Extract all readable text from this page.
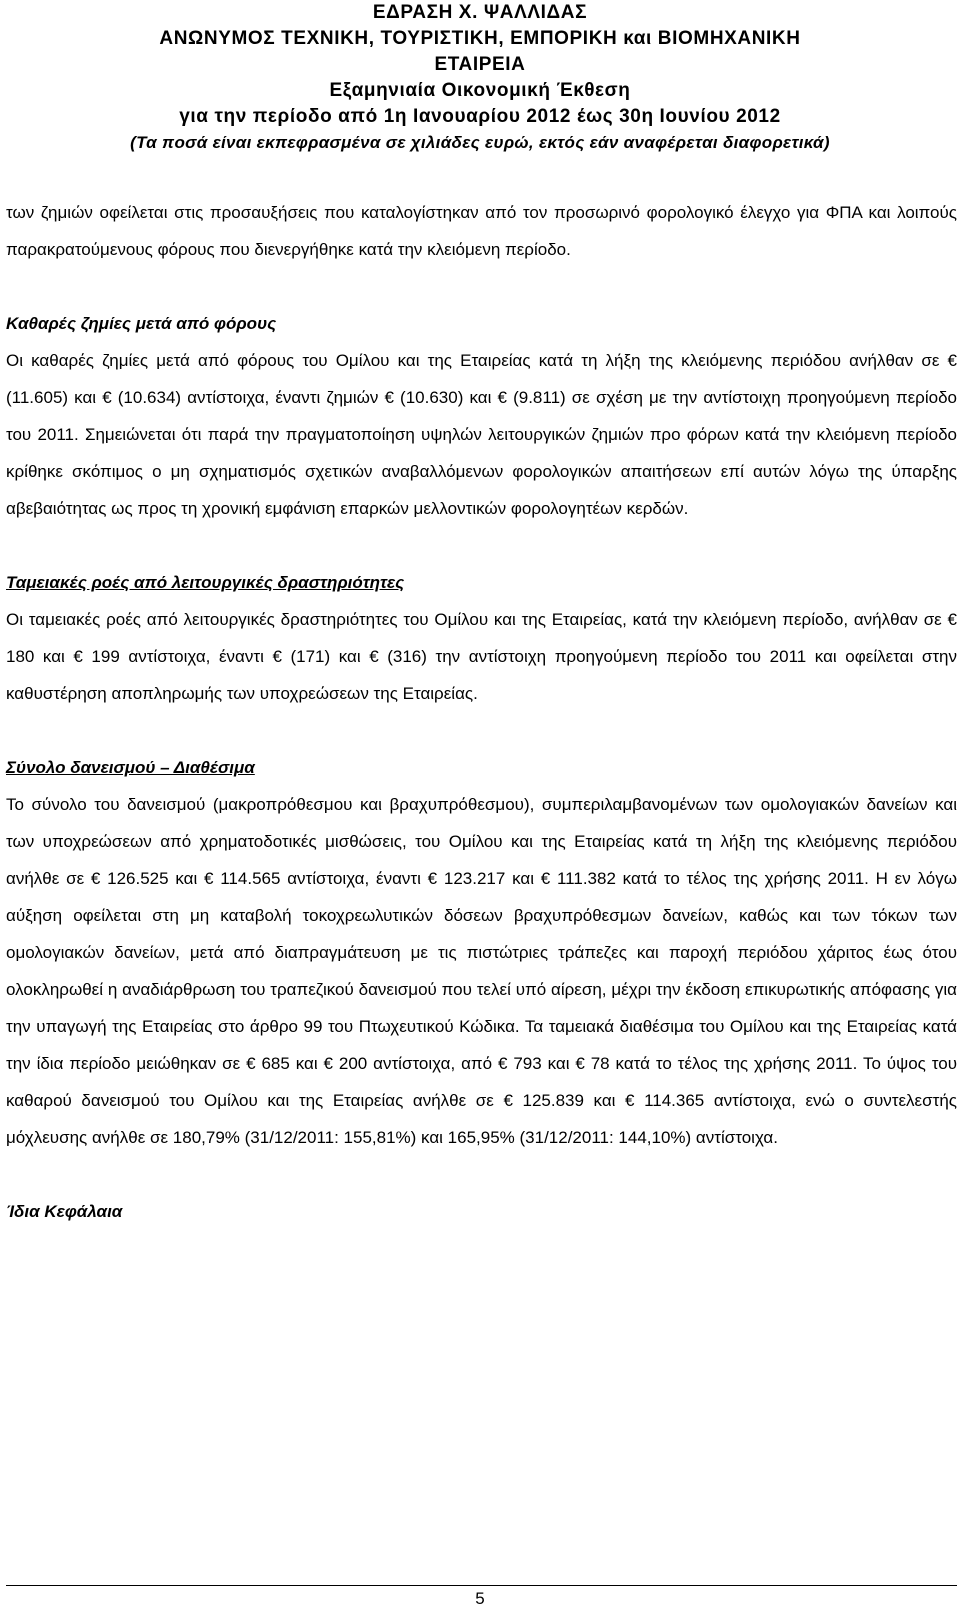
ΕΔΡΑΣΗ Χ. ΨΑΛΛΙΔΑΣ
ΑΝΩΝΥΜΟΣ ΤΕΧΝΙΚΗ, ΤΟΥΡΙΣΤΙΚΗ, ΕΜΠΟΡΙΚΗ και ΒΙΟΜΗΧΑΝΙΚΗ
ΕΤΑΙΡΕΙΑ
Εξαμηνιαία Οικονομική Έκθεση
για την περίοδο από 1η Ιανουαρίου 2012 έως 30η Ιουνίου 2012
(Τα ποσά είναι εκπεφρασμένα σε χιλιάδες ευρώ, εκτός εάν αναφέρεται διαφορετικά)

των ζημιών οφείλεται στις προσαυξήσεις που καταλογίστηκαν από τον προσωρινό φορολογικό έλεγχο για ΦΠΑ και λοιπούς παρακρατούμενους φόρους που διενεργήθηκε κατά την κλειόμενη περίοδο.

Καθαρές ζημίες μετά από φόρους

Οι καθαρές ζημίες μετά από φόρους του Ομίλου και της Εταιρείας κατά τη λήξη της κλειόμενης περιόδου ανήλθαν σε € (11.605) και € (10.634) αντίστοιχα, έναντι ζημιών € (10.630) και € (9.811) σε σχέση με την αντίστοιχη προηγούμενη περίοδο του 2011. Σημειώνεται ότι παρά την πραγματοποίηση υψηλών λειτουργικών ζημιών προ φόρων κατά την κλειόμενη περίοδο κρίθηκε σκόπιμος ο μη σχηματισμός σχετικών αναβαλλόμενων φορολογικών απαιτήσεων επί αυτών λόγω της ύπαρξης αβεβαιότητας ως προς τη χρονική εμφάνιση επαρκών μελλοντικών φορολογητέων κερδών.

Ταμειακές ροές από λειτουργικές δραστηριότητες

Οι ταμειακές ροές από λειτουργικές δραστηριότητες του Ομίλου και της Εταιρείας, κατά την κλειόμενη περίοδο, ανήλθαν σε € 180 και € 199 αντίστοιχα, έναντι € (171) και € (316) την αντίστοιχη προηγούμενη περίοδο του 2011 και οφείλεται στην καθυστέρηση αποπληρωμής των υποχρεώσεων της Εταιρείας.

Σύνολο δανεισμού – Διαθέσιμα

Το σύνολο του δανεισμού (μακροπρόθεσμου και βραχυπρόθεσμου), συμπεριλαμβανομένων των ομολογιακών δανείων και των υποχρεώσεων από χρηματοδοτικές μισθώσεις, του Ομίλου και της Εταιρείας κατά τη λήξη της κλειόμενης περιόδου ανήλθε σε € 126.525 και € 114.565 αντίστοιχα, έναντι € 123.217 και € 111.382 κατά το τέλος της χρήσης 2011. Η εν λόγω αύξηση οφείλεται στη μη καταβολή τοκοχρεωλυτικών δόσεων βραχυπρόθεσμων δανείων, καθώς και των τόκων των ομολογιακών δανείων, μετά από διαπραγμάτευση με τις πιστώτριες τράπεζες και παροχή περιόδου χάριτος έως ότου ολοκληρωθεί η αναδιάρθρωση του τραπεζικού δανεισμού που τελεί υπό αίρεση, μέχρι την έκδοση επικυρωτικής απόφασης για την υπαγωγή της Εταιρείας στο άρθρο 99 του Πτωχευτικού Κώδικα. Τα ταμειακά διαθέσιμα του Ομίλου και της Εταιρείας κατά την ίδια περίοδο μειώθηκαν σε € 685 και € 200 αντίστοιχα, από € 793 και € 78 κατά το τέλος της χρήσης 2011. Το ύψος του καθαρού δανεισμού του Ομίλου και της Εταιρείας ανήλθε σε € 125.839 και € 114.365 αντίστοιχα, ενώ ο συντελεστής μόχλευσης ανήλθε σε 180,79% (31/12/2011: 155,81%) και 165,95% (31/12/2011: 144,10%) αντίστοιχα.

Ίδια Κεφάλαια
5
